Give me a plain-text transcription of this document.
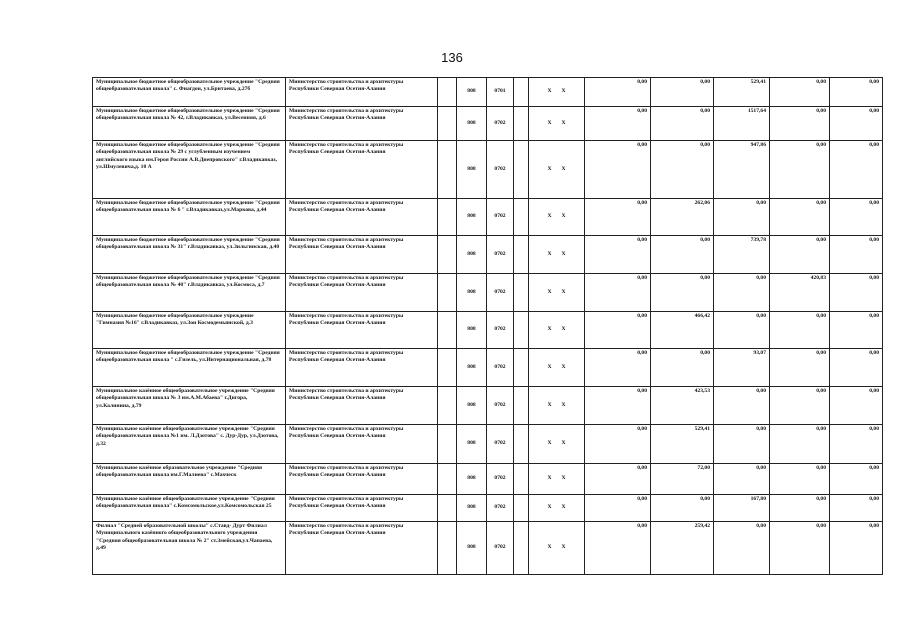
136
Муниципальное бюджетное общеобразовательное учреждение "Средняя общеобразовательная школа" с. Фиагдон, ул.Бритаева, д.27б	Министерство строительства и архитектуры Республики Северная Осетия-Алания		808	0701		X X	0,00	0,00	529,41	0,00	0,00
Муниципальное бюджетное общеобразовательное учреждение "Средняя общеобразовательная школа № 42, г.Владикавказ, ул.Весенняя, д.6	Министерство строительства и архитектуры Республики Северная Осетия-Алания		808	0702		X X	0,00	0,00	1517,64	0,00	0,00
Муниципальное бюджетное общеобразовательное учреждение "Средняя общеобразовательная школа № 29 с углубленным изучением английского языка им.Героя России А.В.Днепровского" г.Владикавказ, ул.Шмулевича,д. 10 А	Министерство строительства и архитектуры Республики Северная Осетия-Алания		808	0702		X X	0,00	0,00	947,86	0,00	0,00
Муниципальное бюджетное общеобразовательное учреждение "Средняя общеобразовательная школа № 6 " г.Владикавказ,ул.Маркова, д.44	Министерство строительства и архитектуры Республики Северная Осетия-Алания		808	0702		X X	0,00	262,06	0,00	0,00	0,00
Муниципальное бюджетное общеобразовательное учреждение "Средняя общеобразовательная школа № 31" г.Владикавказ, ул.Зильгинская, д.40	Министерство строительства и архитектуры Республики Северная Осетия-Алания		808	0702		X X	0,00	0,00	739,78	0,00	0,00
Муниципальное бюджетное общеобразовательное учреждение "Средняя общеобразовательная школа № 40" г.Владикавказ, ул.Космоса, д.7	Министерство строительства и архитектуры Республики Северная Осетия-Алания		808	0702		X X	0,00	0,00	0,00	420,83	0,00
Муниципальное бюджетное общеобразовательное учреждение "Гимназия №16" г.Владикавказ, ул.Зои Космодемьянской, д.3	Министерство строительства и архитектуры Республики Северная Осетия-Алания		808	0702		X X	0,00	466,42	0,00	0,00	0,00
Муниципальное бюджетное общеобразовательное учреждение "Средняя общеобразовательная школа " с.Гизель, ул.Интернациональная, д.78	Министерство строительства и архитектуры Республики Северная Осетия-Алания		808	0702		X X	0,00	0,00	93,07	0,00	0,00
Муниципальное казённое общеобразовательное учреждение "Средняя общеобразовательная школа № 3 им.А.М.Абаева" г.Дигора, ул.Калинина, д.79	Министерство строительства и архитектуры Республики Северная Осетия-Алания		808	0702		X X	0,00	423,53	0,00	0,00	0,00
Муниципальное казённое общеобразовательное учреждение "Средняя общеобразовательная школа №1 им. Л.Дзотова" с. Дур-Дур, ул.Дзотова, д.32	Министерство строительства и архитектуры Республики Северная Осетия-Алания		808	0702		X X	0,00	529,41	0,00	0,00	0,00
Муниципальное казённое образовательное учреждение "Средняя общеобразовательная школа им.Г.Малиева" с.Махческ	Министерство строительства и архитектуры Республики Северная Осетия-Алания		808	0702		X X	0,00	72,00	0,00	0,00	0,00
Муниципальное казённое общеобразовательное учреждение "Средняя общеобразовательная школа" с.Комсомольское,ул.Комсомольская 25	Министерство строительства и архитектуры Республики Северная Осетия-Алания		808	0702		X X	0,00	0,00	167,80	0,00	0,00
Филиал "Средней образовательной школы" с.Ставд- Дурт Филиал Муниципального казённого общеобразовательного учреждения "Средняя общеобразовательная школа № 2" ст.Змейская,ул.Чапаева, д.49	Министерство строительства и архитектуры Республики Северная Осетия-Алания		808	0702		X X	0,00	259,42	0,00	0,00	0,00
